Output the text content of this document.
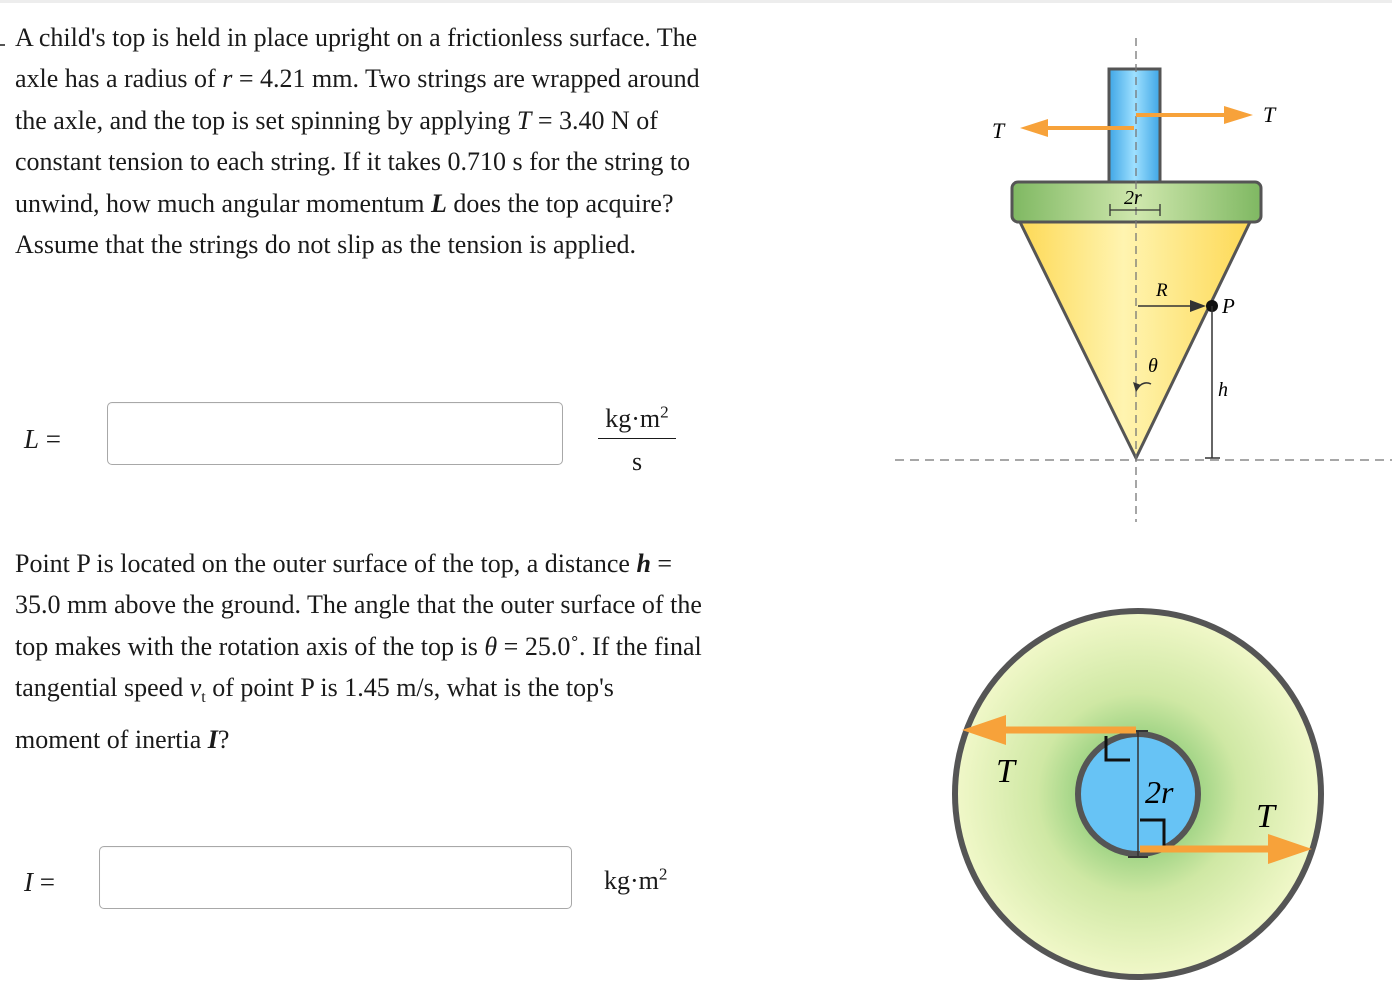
A child's top is held in place upright on a frictionless surface. The axle has a radius of r = 4.21 mm. Two strings are wrapped around the axle, and the top is set spinning by applying T = 3.40 N of constant tension to each string. If it takes 0.710 s for the string to unwind, how much angular momentum L does the top acquire? Assume that the strings do not slip as the tension is applied.

L =	$\frac{kg\cdot m^2}{s}$

Point P is located on the outer surface of the top, a distance h = 35.0 mm above the ground. The angle that the outer surface of the top makes with the rotation axis of the top is θ = 25.0˚. If the final tangential speed $v_t$ of point P is 1.45 m/s, what is the top's moment of inertia I?

I =	$kg\cdot m^2$
T
T
2r
R
P
h
θ
T
T
2r
